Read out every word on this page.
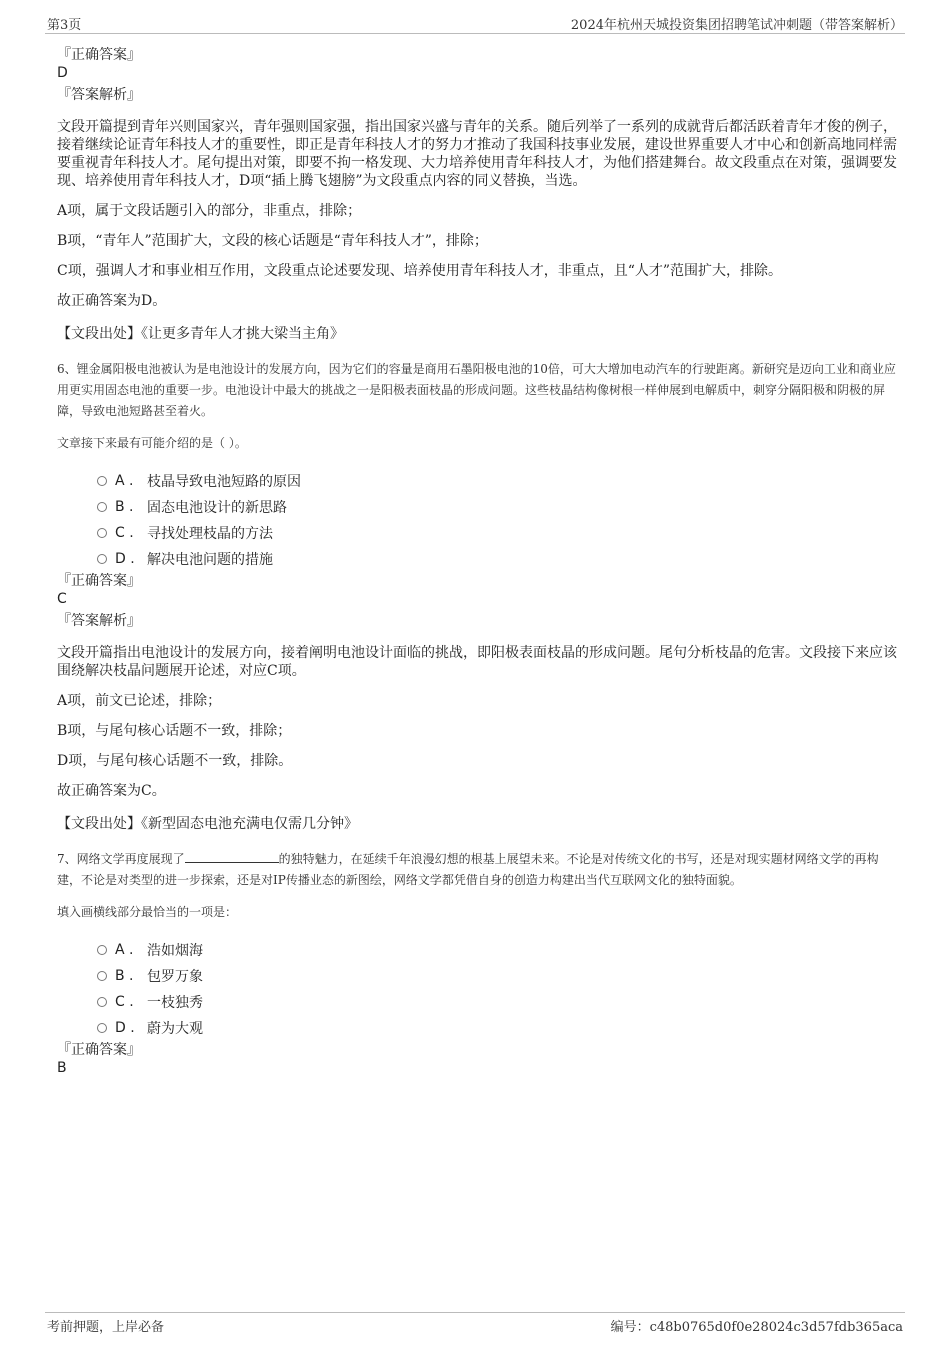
第3页	2024年杭州天城投资集团招聘笔试冲刺题（带答案解析）
『正确答案』
D
『答案解析』

文段开篇提到青年兴则国家兴，青年强则国家强，指出国家兴盛与青年的关系。随后列举了一系列的成就背后都活跃着青年才俊的例子，接着继续论证青年科技人才的重要性，即正是青年科技人才的努力才推动了我国科技事业发展，建设世界重要人才中心和创新高地同样需要重视青年科技人才。尾句提出对策，即要不拘一格发现、大力培养使用青年科技人才，为他们搭建舞台。故文段重点在对策，强调要发现、培养使用青年科技人才，D项“插上腾飞翅膀”为文段重点内容的同义替换，当选。

A项，属于文段话题引入的部分，非重点，排除；

B项，“青年人”范围扩大，文段的核心话题是“青年科技人才”，排除；

C项，强调人才和事业相互作用，文段重点论述要发现、培养使用青年科技人才，非重点，且“人才”范围扩大，排除。

故正确答案为D。

【文段出处】《让更多青年人才挑大梁当主角》

6、锂金属阳极电池被认为是电池设计的发展方向，因为它们的容量是商用石墨阳极电池的10倍，可大大增加电动汽车的行驶距离。新研究是迈向工业和商业应用更实用固态电池的重要一步。电池设计中最大的挑战之一是阳极表面枝晶的形成问题。这些枝晶结构像树根一样伸展到电解质中，刺穿分隔阳极和阴极的屏障，导致电池短路甚至着火。

文章接下来最有可能介绍的是（ ）。

A . 枝晶导致电池短路的原因
B . 固态电池设计的新思路
C . 寻找处理枝晶的方法
D . 解决电池问题的措施
『正确答案』
C
『答案解析』

文段开篇指出电池设计的发展方向，接着阐明电池设计面临的挑战，即阳极表面枝晶的形成问题。尾句分析枝晶的危害。文段接下来应该围绕解决枝晶问题展开论述，对应C项。

A项，前文已论述，排除；

B项，与尾句核心话题不一致，排除；

D项，与尾句核心话题不一致，排除。

故正确答案为C。

【文段出处】《新型固态电池充满电仅需几分钟》

7、网络文学再度展现了	的独特魅力，在延续千年浪漫幻想的根基上展望未来。不论是对传统文化的书写，还是对现实题材网络文学的再构建，不论是对类型的进一步探索，还是对IP传播业态的新图绘，网络文学都凭借自身的创造力构建出当代互联网文化的独特面貌。

填入画横线部分最恰当的一项是：

A . 浩如烟海
B . 包罗万象
C . 一枝独秀
D . 蔚为大观
『正确答案』
B
考前押题，上岸必备	编号：c48b0765d0f0e28024c3d57fdb365aca
